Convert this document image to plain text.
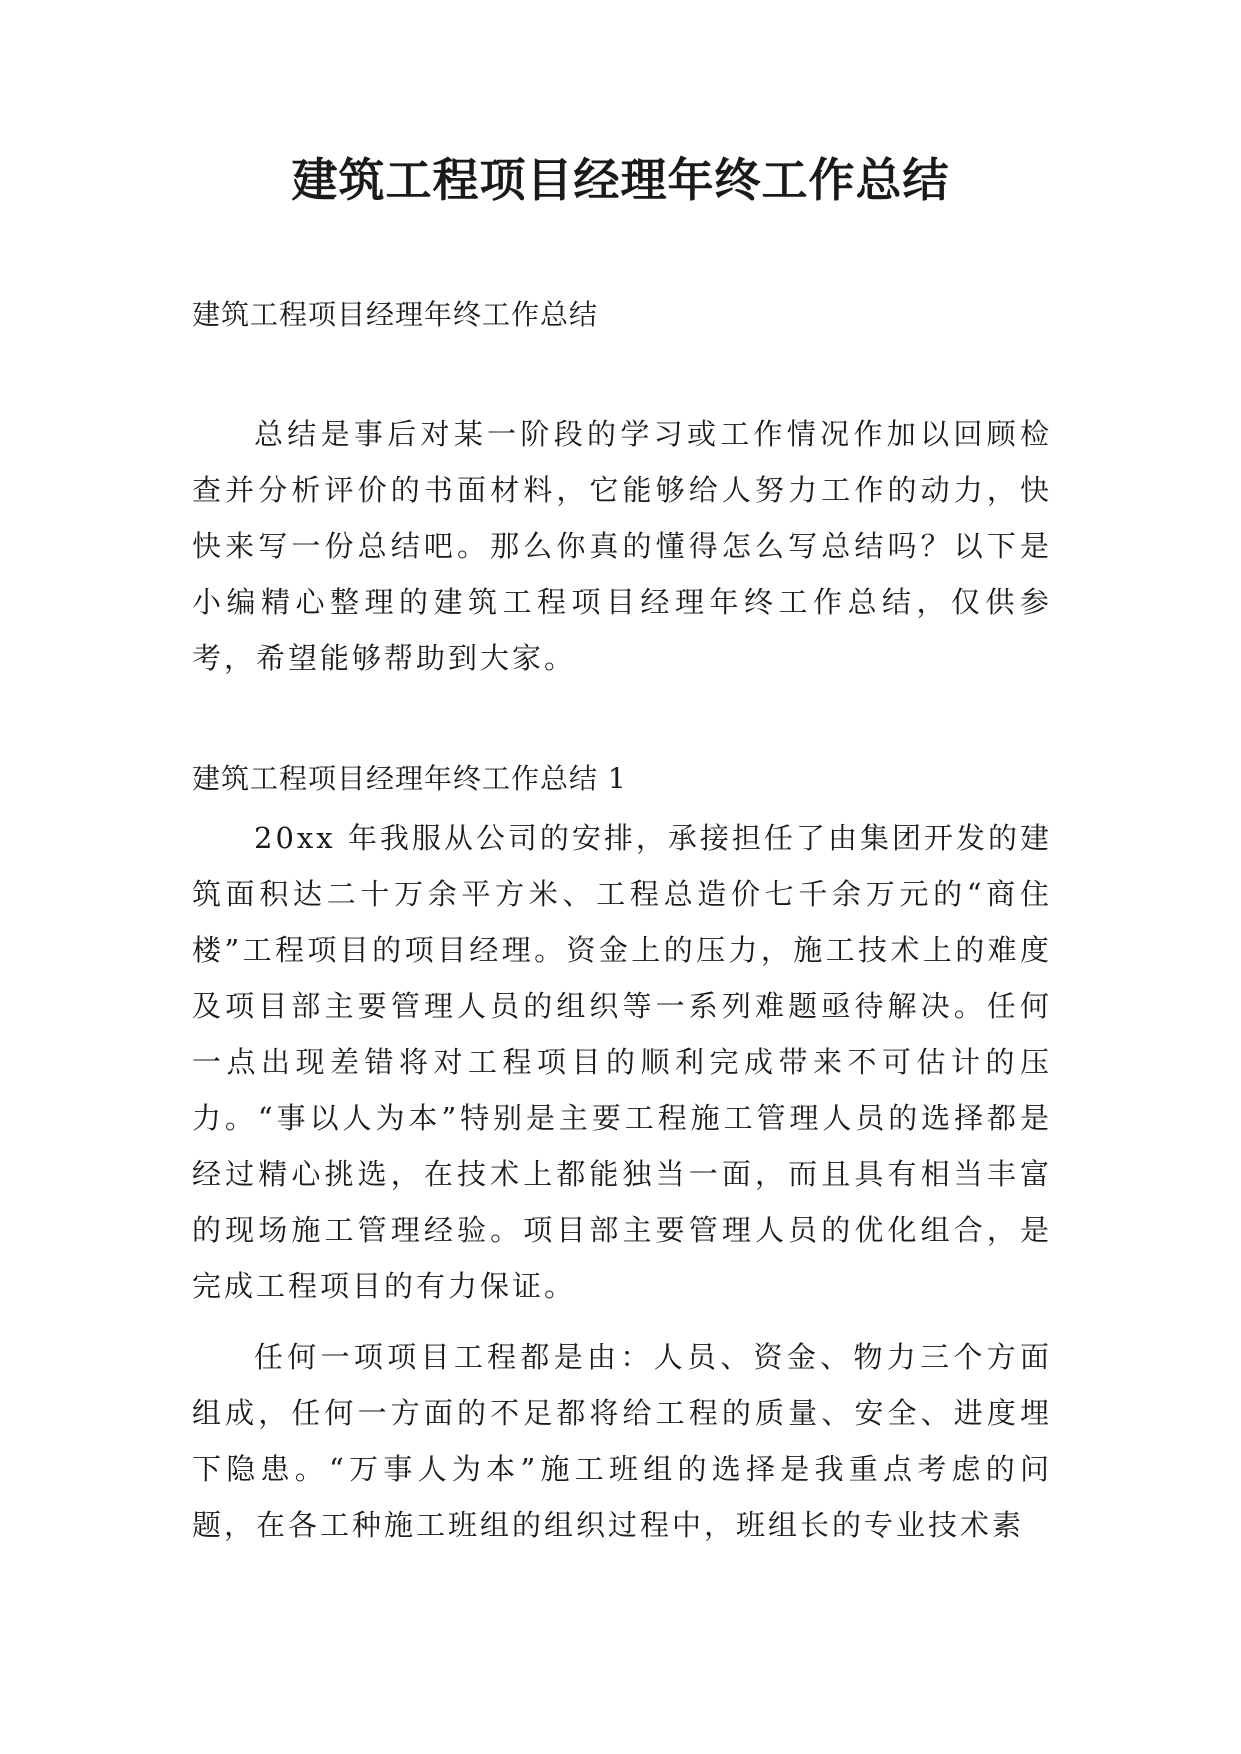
建筑工程项目经理年终工作总结

建筑工程项目经理年终工作总结

总结是事后对某一阶段的学习或工作情况作加以回顾检查并分析评价的书面材料，它能够给人努力工作的动力，快快来写一份总结吧。那么你真的懂得怎么写总结吗？以下是小编精心整理的建筑工程项目经理年终工作总结，仅供参考，希望能够帮助到大家。

建筑工程项目经理年终工作总结 1

20xx 年我服从公司的安排，承接担任了由集团开发的建筑面积达二十万余平方米、工程总造价七千余万元的“商住楼”工程项目的项目经理。资金上的压力，施工技术上的难度及项目部主要管理人员的组织等一系列难题亟待解决。任何一点出现差错将对工程项目的顺利完成带来不可估计的压力。“事以人为本”特别是主要工程施工管理人员的选择都是经过精心挑选，在技术上都能独当一面，而且具有相当丰富的现场施工管理经验。项目部主要管理人员的优化组合，是完成工程项目的有力保证。

任何一项项目工程都是由：人员、资金、物力三个方面组成，任何一方面的不足都将给工程的质量、安全、进度埋下隐患。“万事人为本”施工班组的选择是我重点考虑的问题，在各工种施工班组的组织过程中，班组长的专业技术素
